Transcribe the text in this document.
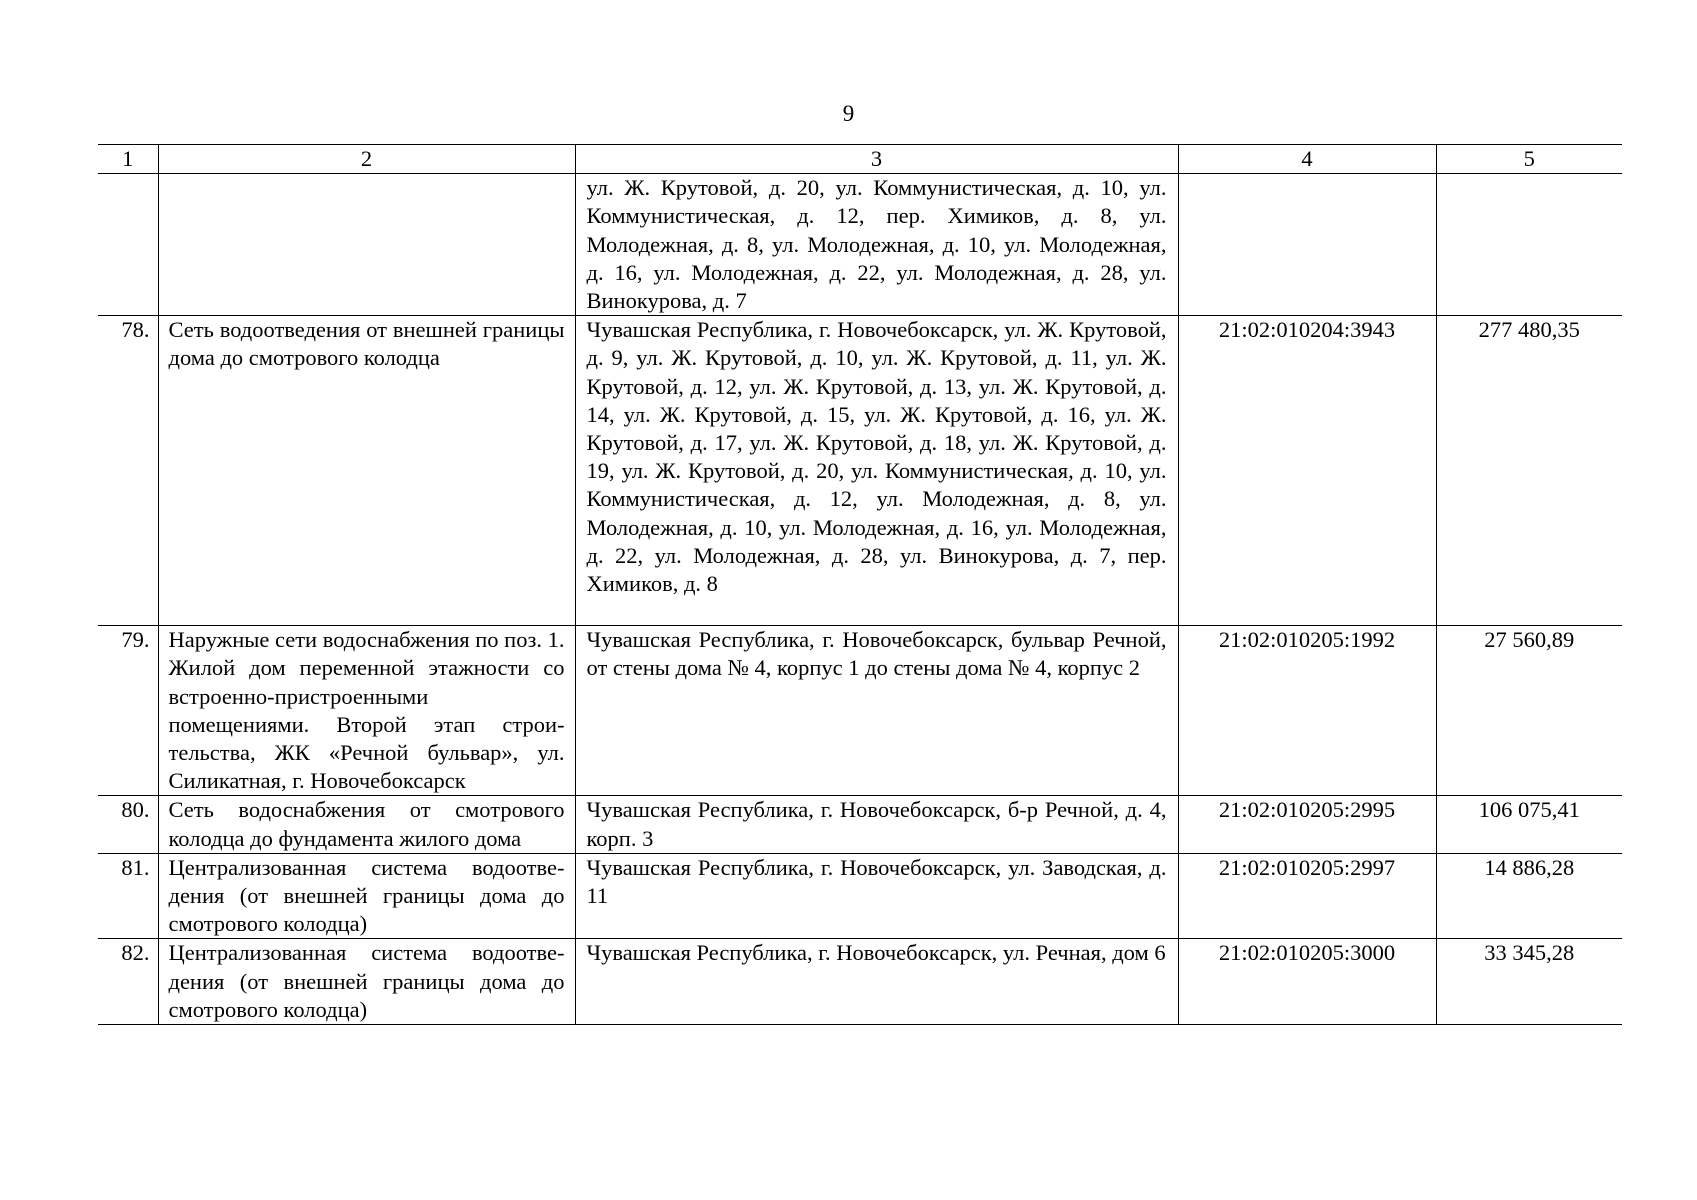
9
1	2	3	4	5
		ул. Ж. Крутовой, д. 20, ул. Коммунистическая, д. 10, ул. Коммунистическая, д. 12, пер. Химиков, д. 8, ул. Молодежная, д. 8, ул. Молодежная, д. 10, ул. Молодежная, д. 16, ул. Молодежная, д. 22, ул. Молодежная, д. 28, ул. Винокурова, д. 7		
78.	Сеть водоотведения от внешней границы дома до смотрового колодца	Чувашская Республика, г. Новочебоксарск, ул. Ж. Крутовой, д. 9, ул. Ж. Крутовой, д. 10, ул. Ж. Крутовой, д. 11, ул. Ж. Крутовой, д. 12, ул. Ж. Крутовой, д. 13, ул. Ж. Крутовой, д. 14, ул. Ж. Крутовой, д. 15, ул. Ж. Крутовой, д. 16, ул. Ж. Крутовой, д. 17, ул. Ж. Крутовой, д. 18, ул. Ж. Крутовой, д. 19, ул. Ж. Крутовой, д. 20, ул. Коммунистическая, д. 10, ул. Коммунистическая, д. 12, ул. Молодежная, д. 8, ул. Молодежная, д. 10, ул. Молодежная, д. 16, ул. Молодежная, д. 22, ул. Молодежная, д. 28, ул. Винокурова, д. 7, пер. Химиков, д. 8	21:02:010204:3943	277 480,35
79.	Наружные сети водоснабжения по поз. 1. Жилой дом переменной этажности со встроенно-пристроенными помещениями. Второй этап строительства, ЖК «Речной бульвар», ул. Силикатная, г. Новочебоксарск	Чувашская Республика, г. Новочебоксарск, бульвар Речной, от стены дома № 4, корпус 1 до стены дома № 4, корпус 2	21:02:010205:1992	27 560,89
80.	Сеть водоснабжения от смотрового колодца до фундамента жилого дома	Чувашская Республика, г. Новочебоксарск, б-р Речной, д. 4, корп. 3	21:02:010205:2995	106 075,41
81.	Централизованная система водоотведения (от внешней границы дома до смотрового колодца)	Чувашская Республика, г. Новочебоксарск, ул. Заводская, д. 11	21:02:010205:2997	14 886,28
82.	Централизованная система водоотведения (от внешней границы дома до смотрового колодца)	Чувашская Республика, г. Новочебоксарск, ул. Речная, дом 6	21:02:010205:3000	33 345,28
